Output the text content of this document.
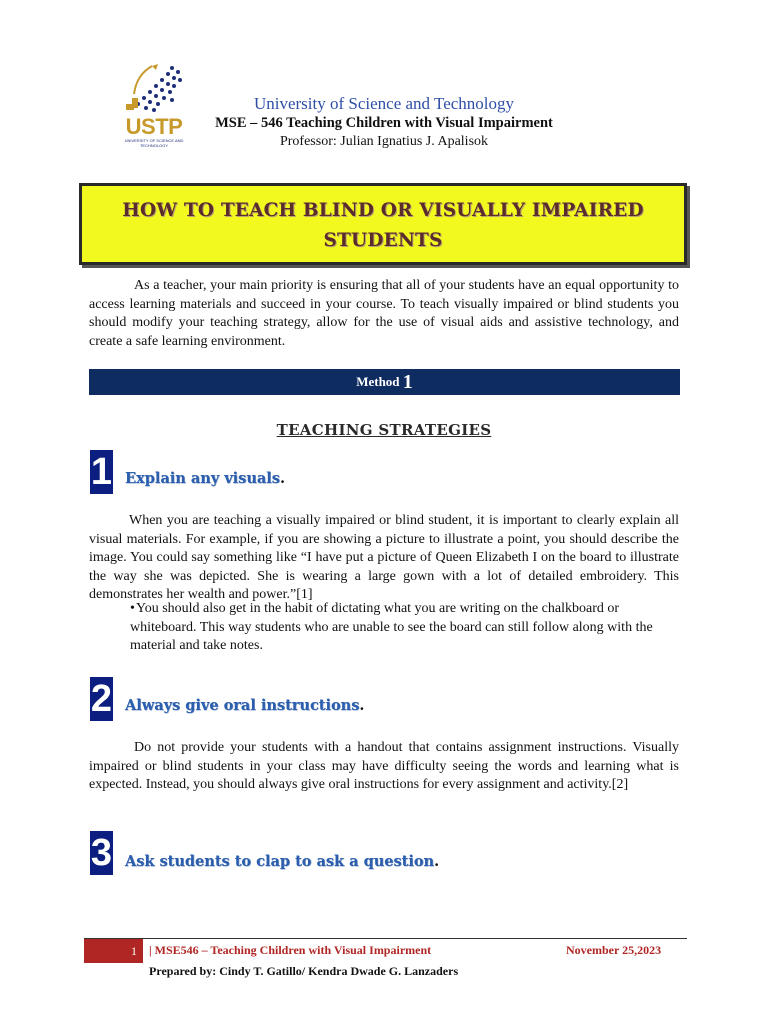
USTP
UNIVERSITY OF SCIENCE AND TECHNOLOGY
University of Science and Technology
MSE – 546 Teaching Children with Visual Impairment
Professor: Julian Ignatius J. Apalisok
HOW TO TEACH BLIND OR VISUALLY IMPAIRED
STUDENTS
As a teacher, your main priority is ensuring that all of your students have an equal opportunity to access learning materials and succeed in your course. To teach visually impaired or blind students you should modify your teaching strategy, allow for the use of visual aids and assistive technology, and create a safe learning environment.
Method 1
TEACHING STRATEGIES
1 Explain any visuals.
When you are teaching a visually impaired or blind student, it is important to clearly explain all visual materials. For example, if you are showing a picture to illustrate a point, you should describe the image. You could say something like “I have put a picture of Queen Elizabeth I on the board to illustrate the way she was depicted. She is wearing a large gown with a lot of detailed embroidery. This demonstrates her wealth and power.”[1]
•You should also get in the habit of dictating what you are writing on the chalkboard or whiteboard. This way students who are unable to see the board can still follow along with the material and take notes.
2 Always give oral instructions.
Do not provide your students with a handout that contains assignment instructions. Visually impaired or blind students in your class may have difficulty seeing the words and learning what is expected. Instead, you should always give oral instructions for every assignment and activity.[2]
3 Ask students to clap to ask a question.
1	| MSE546 – Teaching Children with Visual Impairment	November 25,2023
Prepared by: Cindy T. Gatillo/ Kendra Dwade G. Lanzaders
